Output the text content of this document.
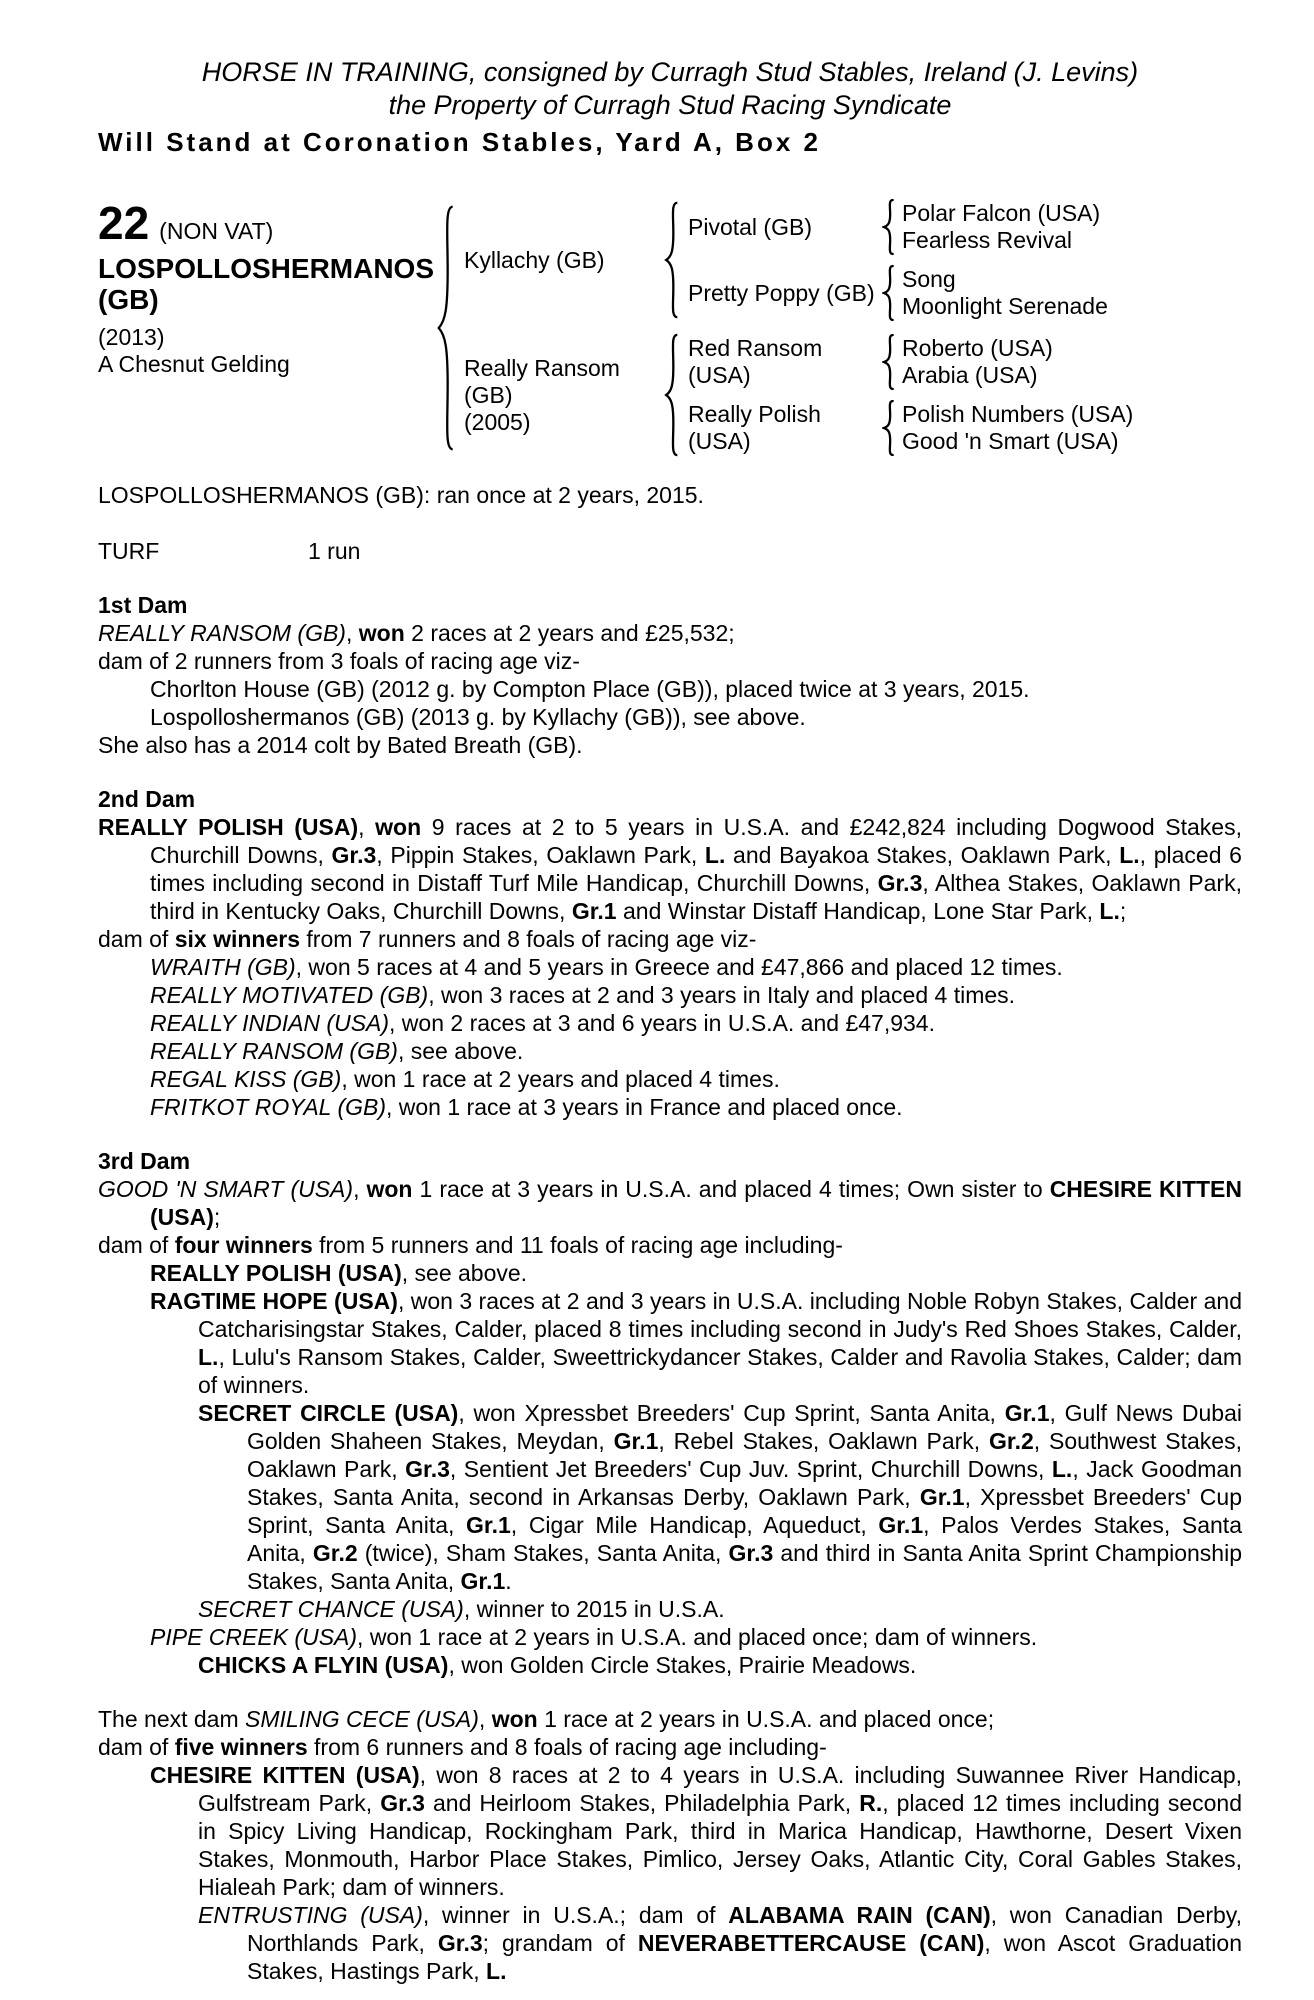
HORSE IN TRAINING, consigned by Curragh Stud Stables, Ireland (J. Levins)
the Property of Curragh Stud Racing Syndicate
Will Stand at Coronation Stables, Yard A, Box 2
22 (NON VAT)
LOSPOLLOSHERMANOS
(GB)
(2013)
A Chesnut Gelding
Kyllachy (GB)
Pivotal (GB)
Polar Falcon (USA)
Fearless Revival
Pretty Poppy (GB)
Song
Moonlight Serenade
Really Ransom
(GB)
(2005)
Red Ransom
(USA)
Roberto (USA)
Arabia (USA)
Really Polish
(USA)
Polish Numbers (USA)
Good 'n Smart (USA)
LOSPOLLOSHERMANOS (GB): ran once at 2 years, 2015.
TURF	1 run
1st Dam
REALLY RANSOM (GB), won 2 races at 2 years and £25,532;
dam of 2 runners from 3 foals of racing age viz-
Chorlton House (GB) (2012 g. by Compton Place (GB)), placed twice at 3 years, 2015.
Lospolloshermanos (GB) (2013 g. by Kyllachy (GB)), see above.
She also has a 2014 colt by Bated Breath (GB).
2nd Dam
REALLY POLISH (USA), won 9 races at 2 to 5 years in U.S.A. and £242,824 including Dogwood Stakes, Churchill Downs, Gr.3, Pippin Stakes, Oaklawn Park, L. and Bayakoa Stakes, Oaklawn Park, L., placed 6 times including second in Distaff Turf Mile Handicap, Churchill Downs, Gr.3, Althea Stakes, Oaklawn Park, third in Kentucky Oaks, Churchill Downs, Gr.1 and Winstar Distaff Handicap, Lone Star Park, L.;
dam of six winners from 7 runners and 8 foals of racing age viz-
WRAITH (GB), won 5 races at 4 and 5 years in Greece and £47,866 and placed 12 times.
REALLY MOTIVATED (GB), won 3 races at 2 and 3 years in Italy and placed 4 times.
REALLY INDIAN (USA), won 2 races at 3 and 6 years in U.S.A. and £47,934.
REALLY RANSOM (GB), see above.
REGAL KISS (GB), won 1 race at 2 years and placed 4 times.
FRITKOT ROYAL (GB), won 1 race at 3 years in France and placed once.
3rd Dam
GOOD 'N SMART (USA), won 1 race at 3 years in U.S.A. and placed 4 times; Own sister to CHESIRE KITTEN (USA);
dam of four winners from 5 runners and 11 foals of racing age including-
REALLY POLISH (USA), see above.
RAGTIME HOPE (USA), won 3 races at 2 and 3 years in U.S.A. including Noble Robyn Stakes, Calder and Catcharisingstar Stakes, Calder, placed 8 times including second in Judy's Red Shoes Stakes, Calder, L., Lulu's Ransom Stakes, Calder, Sweettrickydancer Stakes, Calder and Ravolia Stakes, Calder; dam of winners.
SECRET CIRCLE (USA), won Xpressbet Breeders' Cup Sprint, Santa Anita, Gr.1, Gulf News Dubai Golden Shaheen Stakes, Meydan, Gr.1, Rebel Stakes, Oaklawn Park, Gr.2, Southwest Stakes, Oaklawn Park, Gr.3, Sentient Jet Breeders' Cup Juv. Sprint, Churchill Downs, L., Jack Goodman Stakes, Santa Anita, second in Arkansas Derby, Oaklawn Park, Gr.1, Xpressbet Breeders' Cup Sprint, Santa Anita, Gr.1, Cigar Mile Handicap, Aqueduct, Gr.1, Palos Verdes Stakes, Santa Anita, Gr.2 (twice), Sham Stakes, Santa Anita, Gr.3 and third in Santa Anita Sprint Championship Stakes, Santa Anita, Gr.1.
SECRET CHANCE (USA), winner to 2015 in U.S.A.
PIPE CREEK (USA), won 1 race at 2 years in U.S.A. and placed once; dam of winners.
CHICKS A FLYIN (USA), won Golden Circle Stakes, Prairie Meadows.
The next dam SMILING CECE (USA), won 1 race at 2 years in U.S.A. and placed once;
dam of five winners from 6 runners and 8 foals of racing age including-
CHESIRE KITTEN (USA), won 8 races at 2 to 4 years in U.S.A. including Suwannee River Handicap, Gulfstream Park, Gr.3 and Heirloom Stakes, Philadelphia Park, R., placed 12 times including second in Spicy Living Handicap, Rockingham Park, third in Marica Handicap, Hawthorne, Desert Vixen Stakes, Monmouth, Harbor Place Stakes, Pimlico, Jersey Oaks, Atlantic City, Coral Gables Stakes, Hialeah Park; dam of winners.
ENTRUSTING (USA), winner in U.S.A.; dam of ALABAMA RAIN (CAN), won Canadian Derby, Northlands Park, Gr.3; grandam of NEVERABETTERCAUSE (CAN), won Ascot Graduation Stakes, Hastings Park, L.
